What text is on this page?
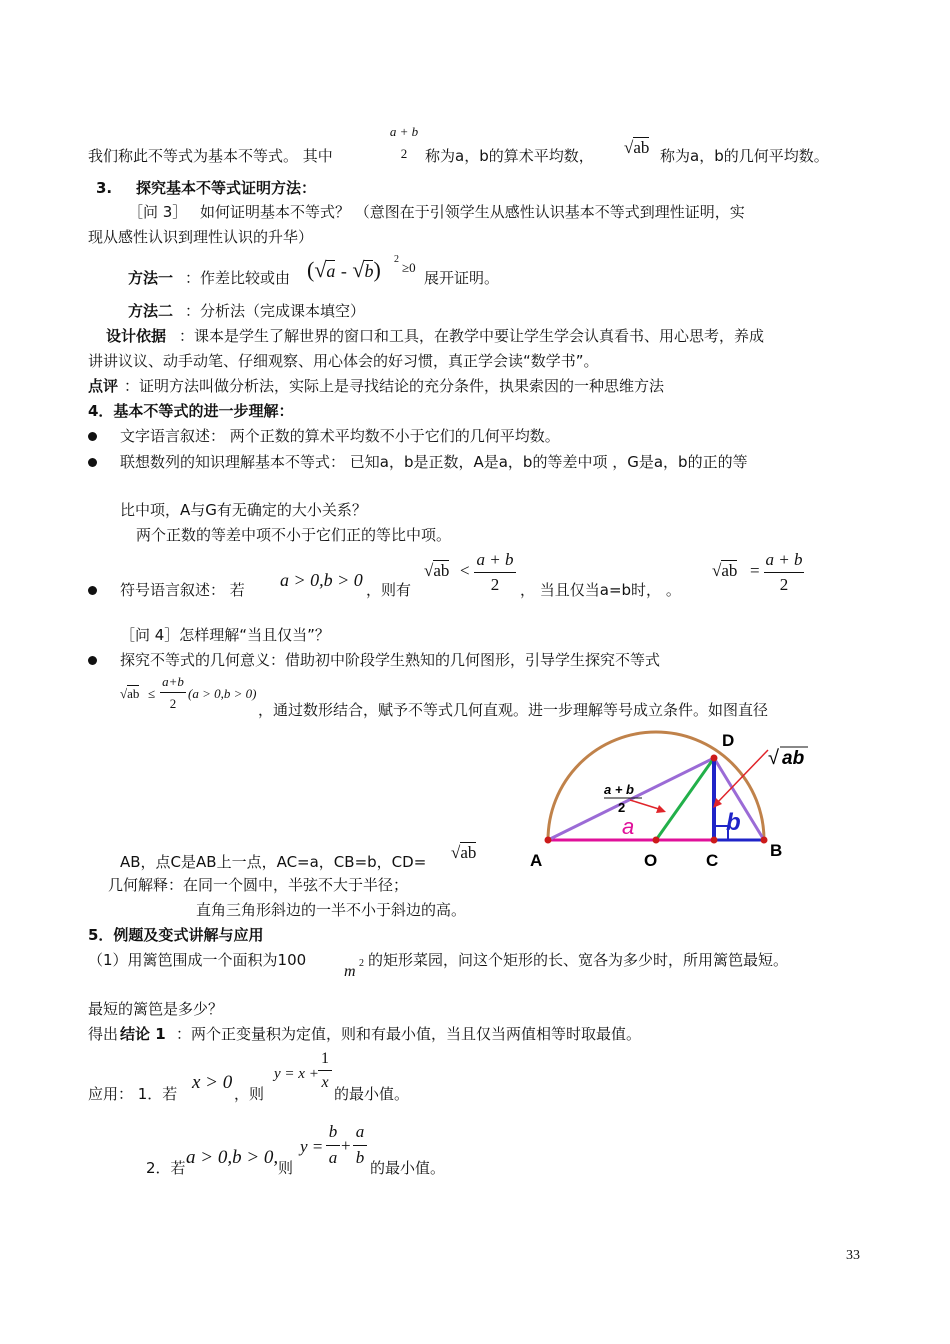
我们称此不等式为基本不等式。 其中
a + b
2	称为a，b的算术平均数， √ab 称为a，b的几何平均数。
3. 探究基本不等式证明方法：
［问 3］ 如何证明基本不等式？ （意图在于引领学生从感性认识基本不等式到理性证明，实
现从感性认识到理性认识的升华）
方法一 ：作差比较或由 (√a - √b) 2
≥0
展开证明。
方法二 ：分析法（完成课本填空）
设计依据 ：课本是学生了解世界的窗口和工具，在教学中要让学生学会认真看书、用心思考，养成
讲讲议议、动手动笔、仔细观察、用心体会的好习惯，真正学会读“数学书”。
点评 ：证明方法叫做分析法，实际上是寻找结论的充分条件，执果索因的一种思维方法
4．基本不等式的进一步理解：
文字语言叙述： 两个正数的算术平均数不小于它们的几何平均数。
联想数列的知识理解基本不等式： 已知a，b是正数，A是a，b的等差中项 ，G是a，b的正的等
比中项，A与G有无确定的大小关系？
两个正数的等差中项不小于它们正的等比中项。
符号语言叙述： 若 a > 0,b > 0 ，则有
√ab <
a + b
2	， 当且仅当a=b时， 。
√ab =
a + b
2
［问 4］怎样理解“当且仅当”？
探究不等式的几何意义：借助初中阶段学生熟知的几何图形，引导学生探究不等式
√ab ≤
a+b
2
(a > 0,b > 0)
，通过数形结合，赋予不等式几何直观。进一步理解等号成立条件。如图直径
AB，点C是AB上一点，AC=a，CB=b，CD= √ab	A	O	C
B
D
a	b
a + b
2
√ ab
几何解释：在同一个圆中，半弦不大于半径；
直角三角形斜边的一半不小于斜边的高。
5．例题及变式讲解与应用
（1）用篱笆围成一个面积为100
m 2 的矩形菜园，问这个矩形的长、宽各为多少时，所用篱笆最短。
最短的篱笆是多少？
得出 结论 1 ：两个正变量积为定值，则和有最小值，当且仅当两值相等时取最值。
应用： 1．若
x > 0
，则
y = x +
1
x
的最小值。
2．若 a > 0,b > 0, 则
y =
b
a
+
a
b
的最小值。
33
